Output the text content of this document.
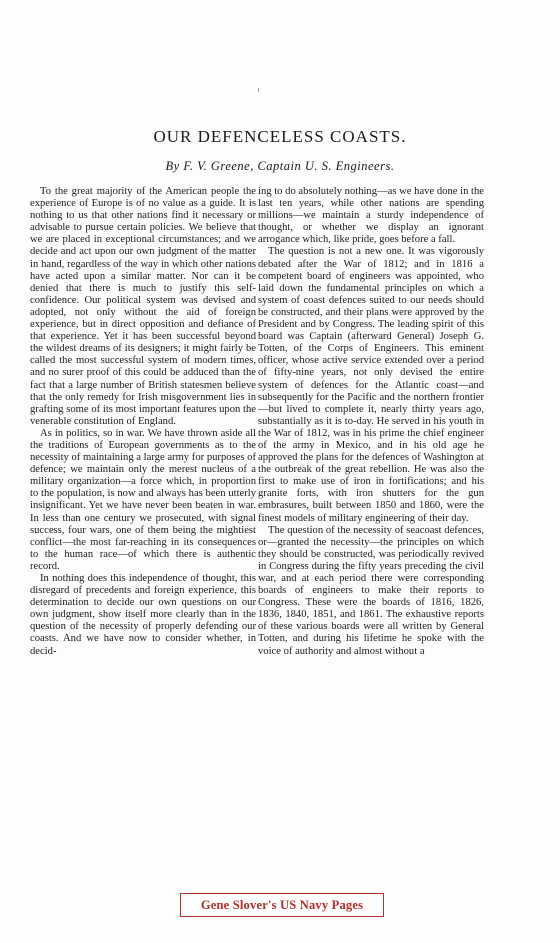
OUR DEFENCELESS COASTS.
By F. V. Greene, Captain U. S. Engineers.

To the great majority of the American people the experience of Europe is of no value as a guide. It is nothing to us that other nations find it necessary or advisable to pursue certain policies. We believe that we are placed in exceptional circumstances; and we decide and act upon our own judgment of the matter in hand, regardless of the way in which other nations have acted upon a similar matter. Nor can it be denied that there is much to justify this self-confidence. Our political system was devised and adopted, not only without the aid of foreign experience, but in direct opposition and defiance of that experience. Yet it has been successful beyond the wildest dreams of its designers; it might fairly be called the most successful system of modern times, and no surer proof of this could be adduced than the fact that a large number of British statesmen believe that the only remedy for Irish misgovernment lies in grafting some of its most important features upon the venerable constitution of England.

As in politics, so in war. We have thrown aside all the traditions of European governments as to the necessity of maintaining a large army for purposes of defence; we maintain only the merest nucleus of a military organization—a force which, in proportion to the population, is now and always has been utterly insignificant. Yet we have never been beaten in war. In less than one century we prosecuted, with signal success, four wars, one of them being the mightiest conflict—the most far-reaching in its consequences to the human race—of which there is authentic record.

In nothing does this independence of thought, this disregard of precedents and foreign experience, this determination to decide our own questions on our own judgment, show itself more clearly than in the question of the necessity of properly defending our coasts. And we have now to consider whether, in decid-

ing to do absolutely nothing—as we have done in the last ten years, while other nations are spending millions—we maintain a sturdy independence of thought, or whether we display an ignorant arrogance which, like pride, goes before a fall.

The question is not a new one. It was vigorously debated after the War of 1812; and in 1816 a competent board of engineers was appointed, who laid down the fundamental principles on which a system of coast defences suited to our needs should be constructed, and their plans were approved by the President and by Congress. The leading spirit of this board was Captain (afterward General) Joseph G. Totten, of the Corps of Engineers. This eminent officer, whose active service extended over a period of fifty-nine years, not only devised the entire system of defences for the Atlantic coast—and subsequently for the Pacific and the northern frontier—but lived to complete it, nearly thirty years ago, substantially as it is to-day. He served in his youth in the War of 1812, was in his prime the chief engineer of the army in Mexico, and in his old age he approved the plans for the defences of Washington at the outbreak of the great rebellion. He was also the first to make use of iron in fortifications; and his granite forts, with iron shutters for the gun embrasures, built between 1850 and 1860, were the finest models of military engineering of their day.

The question of the necessity of seacoast defences, or—granted the necessity—the principles on which they should be constructed, was periodically revived in Congress during the fifty years preceding the civil war, and at each period there were corresponding boards of engineers to make their reports to Congress. These were the boards of 1816, 1826, 1836, 1840, 1851, and 1861. The exhaustive reports of these various boards were all written by General Totten, and during his lifetime he spoke with the voice of authority and almost without a

Gene Slover's US Navy Pages
